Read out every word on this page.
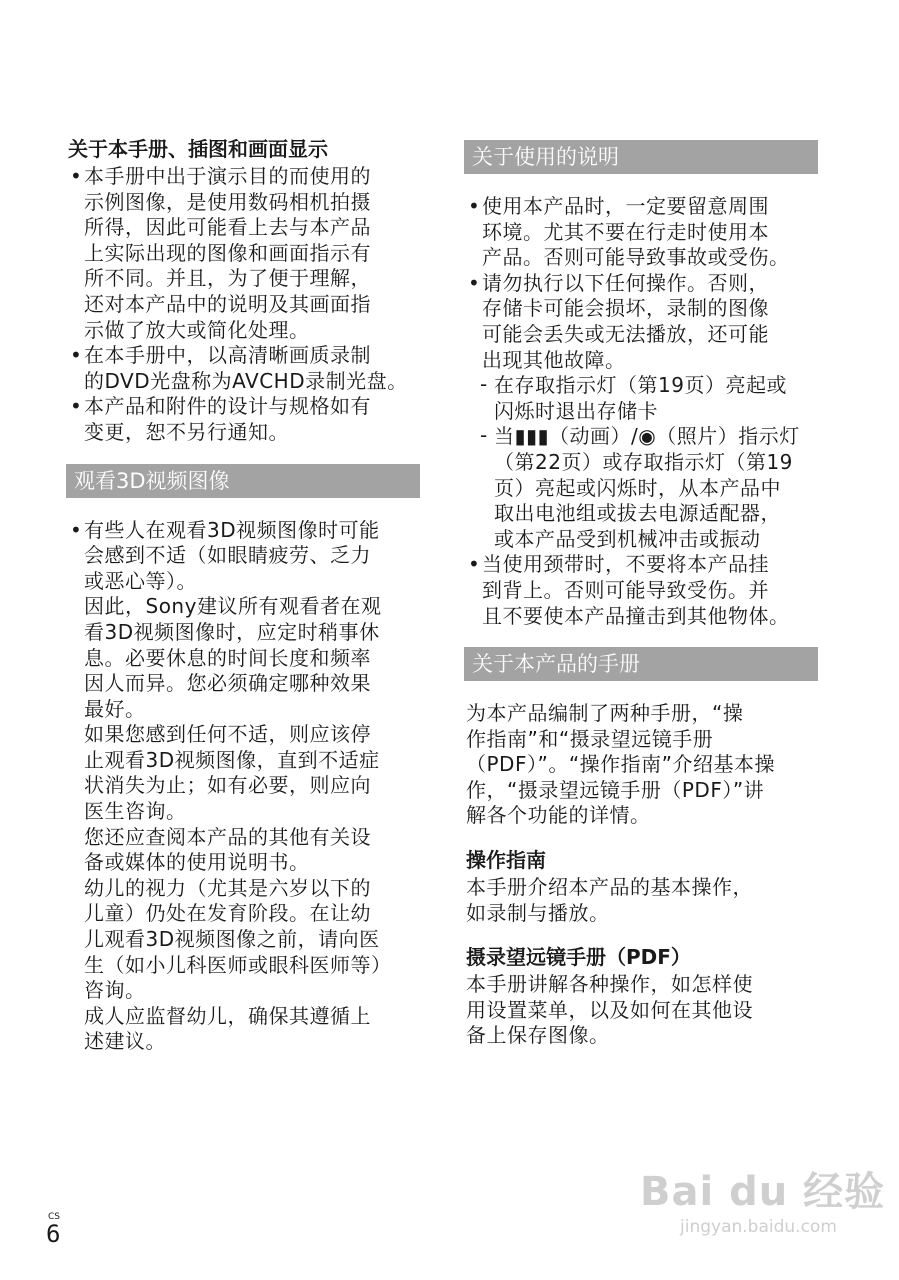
关于本手册、插图和画面显示
• 本手册中出于演示目的而使用的
示例图像，是使用数码相机拍摄
所得，因此可能看上去与本产品
上实际出现的图像和画面指示有
所不同。并且，为了便于理解，
还对本产品中的说明及其画面指
示做了放大或简化处理。
• 在本手册中，以高清晰画质录制
的DVD光盘称为AVCHD录制光盘。
• 本产品和附件的设计与规格如有
变更，恕不另行通知。
观看3D视频图像
• 有些人在观看3D视频图像时可能
会感到不适（如眼睛疲劳、乏力
或恶心等）。
因此，Sony建议所有观看者在观
看3D视频图像时，应定时稍事休
息。必要休息的时间长度和频率
因人而异。您必须确定哪种效果
最好。
如果您感到任何不适，则应该停
止观看3D视频图像，直到不适症
状消失为止；如有必要，则应向
医生咨询。
您还应查阅本产品的其他有关设
备或媒体的使用说明书。
幼儿的视力（尤其是六岁以下的
儿童）仍处在发育阶段。在让幼
儿观看3D视频图像之前，请向医
生（如小儿科医师或眼科医师等）
咨询。
成人应监督幼儿，确保其遵循上
述建议。
关于使用的说明
• 使用本产品时，一定要留意周围
环境。尤其不要在行走时使用本
产品。否则可能导致事故或受伤。
• 请勿执行以下任何操作。否则，
存储卡可能会损坏，录制的图像
可能会丢失或无法播放，还可能
出现其他故障。
- 在存取指示灯（第19页）亮起或
闪烁时退出存储卡
- 当▮▮▮（动画）/◉（照片）指示灯
（第22页）或存取指示灯（第19
页）亮起或闪烁时，从本产品中
取出电池组或拔去电源适配器，
或本产品受到机械冲击或振动
• 当使用颈带时，不要将本产品挂
到背上。否则可能导致受伤。并
且不要使本产品撞击到其他物体。
关于本产品的手册
为本产品编制了两种手册，“操
作指南”和“摄录望远镜手册
（PDF）”。“操作指南”介绍基本操
作，“摄录望远镜手册（PDF）”讲
解各个功能的详情。
操作指南
本手册介绍本产品的基本操作，
如录制与播放。
摄录望远镜手册（PDF）
本手册讲解各种操作，如怎样使
用设置菜单，以及如何在其他设
备上保存图像。
CS
6
Bai du 经验
jingyan.baidu.com
